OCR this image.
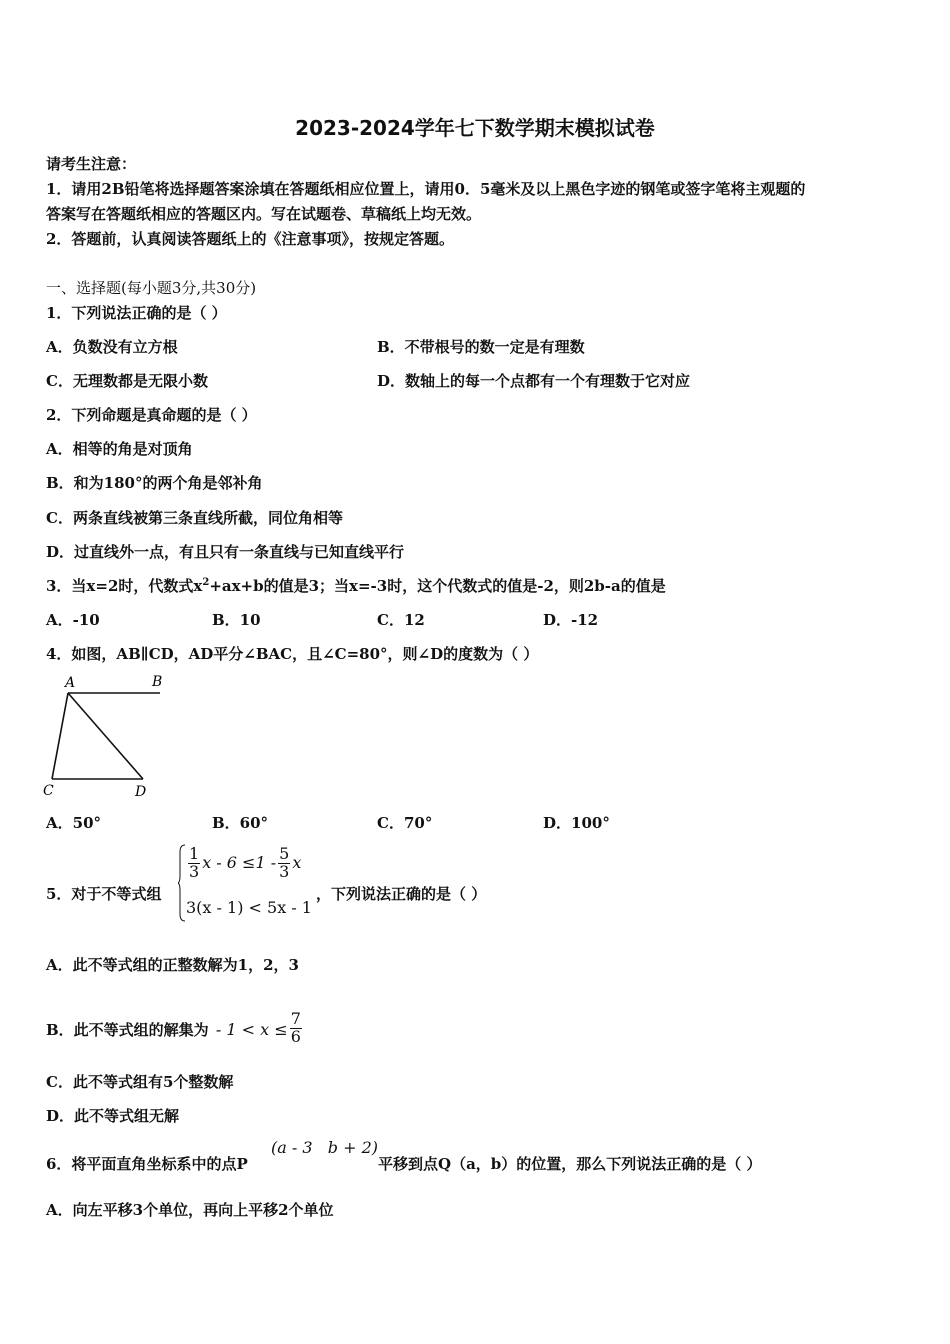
2023-2024学年七下数学期末模拟试卷
请考生注意：
1．请用2B铅笔将选择题答案涂填在答题纸相应位置上，请用0．5毫米及以上黑色字迹的钢笔或签字笔将主观题的
答案写在答题纸相应的答题区内。写在试题卷、草稿纸上均无效。
2．答题前，认真阅读答题纸上的《注意事项》，按规定答题。
一、选择题(每小题3分,共30分)
1．下列说法正确的是（ ）
A．负数没有立方根	B．不带根号的数一定是有理数
C．无理数都是无限小数	D．数轴上的每一个点都有一个有理数于它对应
2．下列命题是真命题的是（ ）
A．相等的角是对顶角
B．和为180°的两个角是邻补角
C．两条直线被第三条直线所截，同位角相等
D．过直线外一点，有且只有一条直线与已知直线平行
3．当x=2时，代数式$x^2+ax+b$的值是3；当x=-3时，这个代数式的值是-2，则2b-a的值是
A．-10	B．10	C．12	D．-12
4．如图，AB∥CD，AD平分∠BAC，且∠C=80°，则∠D的度数为（ ）
A	B
C	D
A．50°	B．60°	C．70°	D．100°
5．对于不等式组
$\frac{1}{3}$ $x - 6 \le 1 - \frac{5}{3}$ x
3(x - 1) < 5x - 1
，下列说法正确的是（ ）
A．此不等式组的正整数解为1，2，3
B．此不等式组的解集为 - $1 < x \le \frac{7}{6}$
C．此不等式组有5个整数解
D．此不等式组无解
6．将平面直角坐标系中的点P
(a - 3   b + 2)
平移到点Q（a，b）的位置，那么下列说法正确的是（ ）
A．向左平移3个单位，再向上平移2个单位
